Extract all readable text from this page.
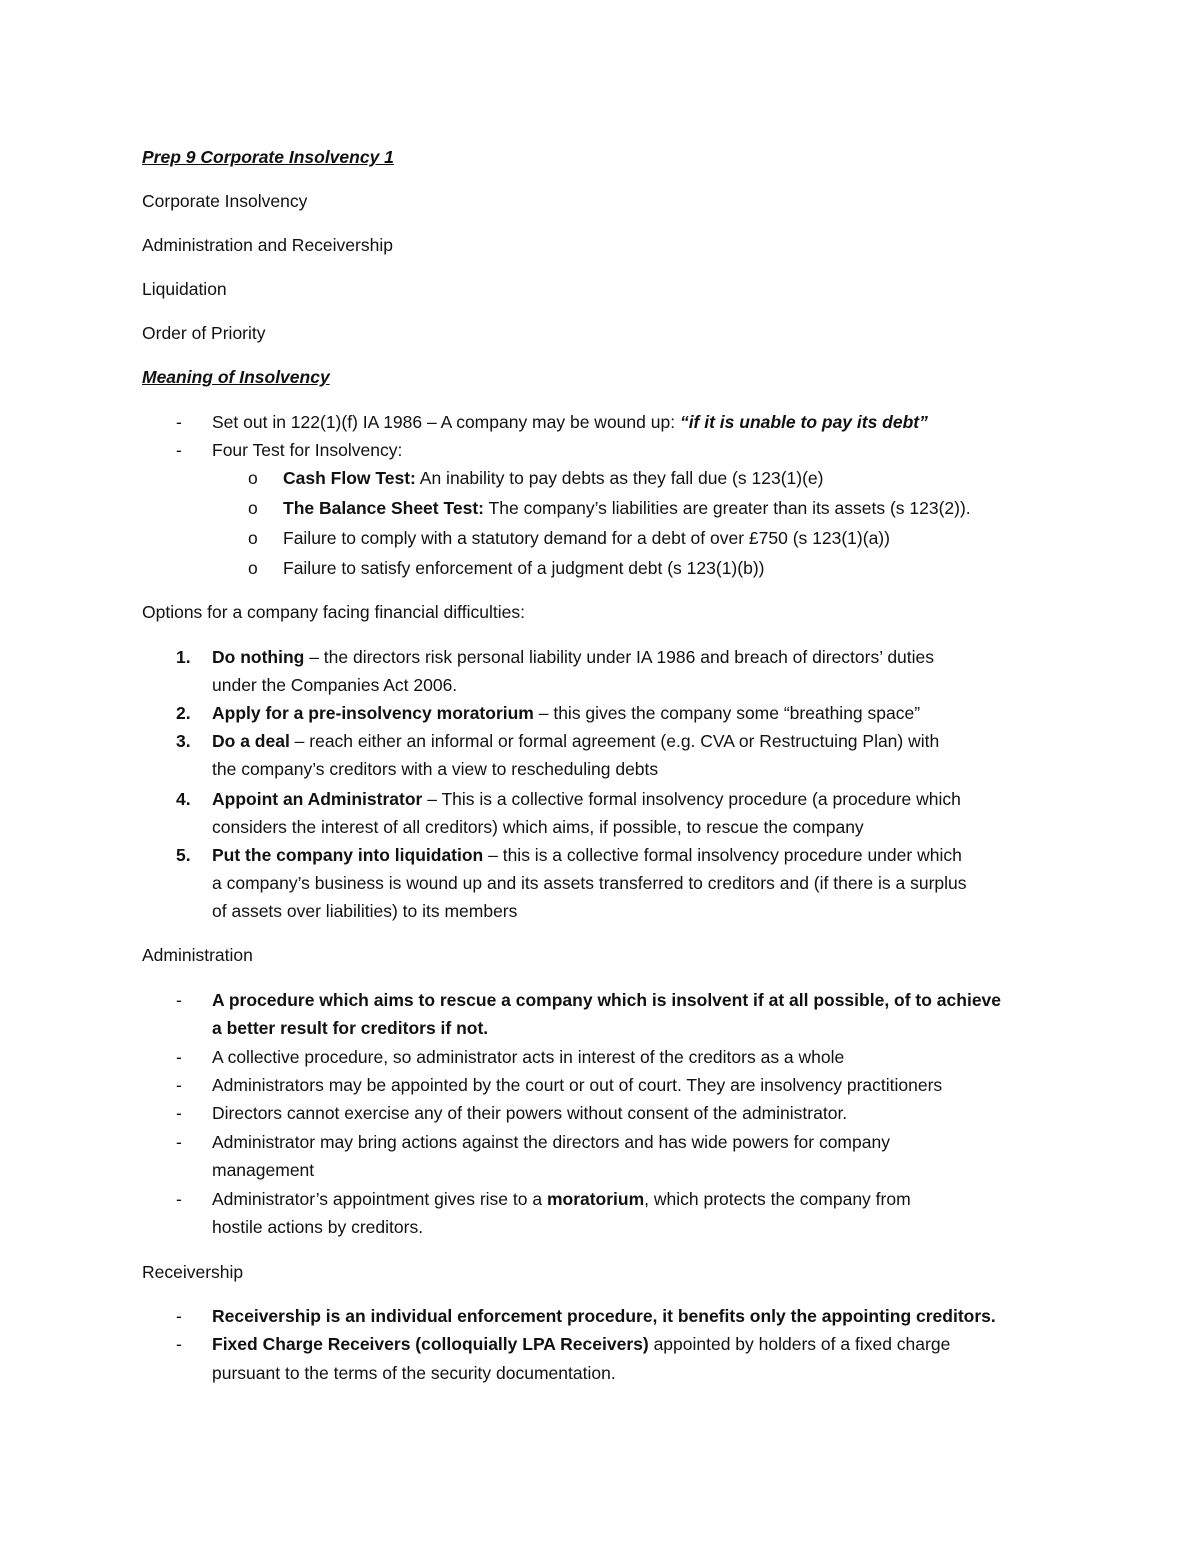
Prep 9 Corporate Insolvency 1
Corporate Insolvency
Administration and Receivership
Liquidation
Order of Priority
Meaning of Insolvency
- Set out in 122(1)(f) IA 1986 – A company may be wound up: “if it is unable to pay its debt”
- Four Test for Insolvency:
o Cash Flow Test: An inability to pay debts as they fall due (s 123(1)(e)
o The Balance Sheet Test: The company’s liabilities are greater than its assets (s 123(2)).
o Failure to comply with a statutory demand for a debt of over £750 (s 123(1)(a))
o Failure to satisfy enforcement of a judgment debt (s 123(1)(b))
Options for a company facing financial difficulties:
1. Do nothing – the directors risk personal liability under IA 1986 and breach of directors’ duties
under the Companies Act 2006.
2. Apply for a pre-insolvency moratorium – this gives the company some “breathing space”
3. Do a deal – reach either an informal or formal agreement (e.g. CVA or Restructuing Plan) with
the company’s creditors with a view to rescheduling debts
4. Appoint an Administrator – This is a collective formal insolvency procedure (a procedure which
considers the interest of all creditors) which aims, if possible, to rescue the company
5. Put the company into liquidation – this is a collective formal insolvency procedure under which
a company’s business is wound up and its assets transferred to creditors and (if there is a surplus
of assets over liabilities) to its members
Administration
- A procedure which aims to rescue a company which is insolvent if at all possible, of to achieve
a better result for creditors if not.
- A collective procedure, so administrator acts in interest of the creditors as a whole
- Administrators may be appointed by the court or out of court. They are insolvency practitioners
- Directors cannot exercise any of their powers without consent of the administrator.
- Administrator may bring actions against the directors and has wide powers for company
management
- Administrator’s appointment gives rise to a moratorium, which protects the company from
hostile actions by creditors.
Receivership
- Receivership is an individual enforcement procedure, it benefits only the appointing creditors.
- Fixed Charge Receivers (colloquially LPA Receivers) appointed by holders of a fixed charge
pursuant to the terms of the security documentation.
